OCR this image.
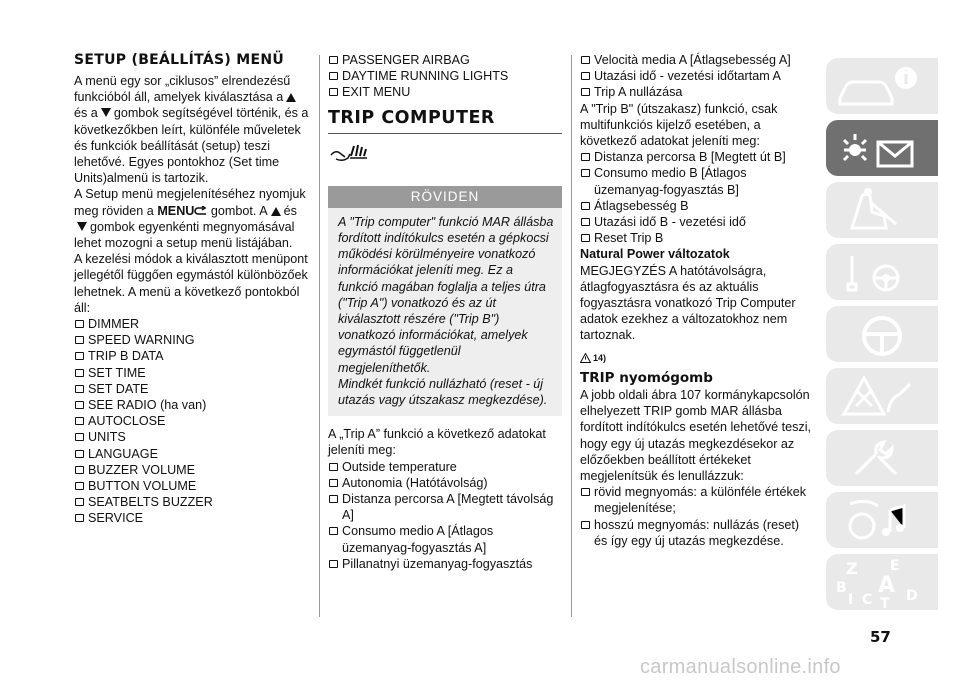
SETUP (BEÁLLÍTÁS) MENÜ

A menü egy sor „ciklusos” elrendezésű funkcióból áll, amelyek kiválasztása aés a gombok segítségével történik, és a következőkben leírt, különféle műveletek és funkciók beállítását (setup) teszi lehetővé. Egyes pontokhoz (Set time Units)almenü is tartozik.

A Setup menü megjelenítéséhez nyomjuk meg röviden a MENU gombot. A ésgombok egyenkénti megnyomásával lehet mozogni a setup menü listájában.

A kezelési módok a kiválasztott menüpont jellegétől függően egymástól különbözőek lehetnek. A menü a következő pontokból áll:

DIMMER
SPEED WARNING
TRIP B DATA
SET TIME
SET DATE
SEE RADIO (ha van)
AUTOCLOSE
UNITS
LANGUAGE
BUZZER VOLUME
BUTTON VOLUME
SEATBELTS BUZZER
SERVICE
PASSENGER AIRBAG
DAYTIME RUNNING LIGHTS
EXIT MENU
TRIP COMPUTER
RÖVIDEN

A "Trip computer" funkció MAR állásba fordított indítókulcs esetén a gépkocsi működési körülményeire vonatkozó információkat jeleníti meg. Ez a funkció magában foglalja a teljes útra ("Trip A") vonatkozó és az út kiválasztott részére ("Trip B") vonatkozó információkat, amelyek egymástól függetlenül megjeleníthetők.

Mindkét funkció nullázható (reset - új utazás vagy útszakasz megkezdése).

A „Trip A” funkció a következő adatokat jeleníti meg:

Outside temperature
Autonomia (Hatótávolság)
Distanza percorsa A [Megtett távolság A]
Consumo medio A [Átlagos üzemanyag-fogyasztás A]
Pillanatnyi üzemanyag-fogyasztás
Velocità media A [Átlagsebesség A]
Utazási idő - vezetési időtartam A
Trip A nullázása

A "Trip B" (útszakasz) funkció, csak multifunkciós kijelző esetében, a következő adatokat jeleníti meg:

Distanza percorsa B [Megtett út B]
Consumo medio B [Átlagos üzemanyag-fogyasztás B]
Átlagsebesség B
Utazási idő B - vezetési idő
Reset Trip B

Natural Power változatok

MEGJEGYZÉS A hatótávolságra, átlagfogyasztásra és az aktuális fogyasztásra vonatkozó Trip Computer adatok ezekhez a változatokhoz nem tartoznak.

14)
TRIP nyomógomb

A jobb oldali ábra 107 kormánykapcsolón elhelyezett TRIP gomb MAR állásba fordított indítókulcs esetén lehetővé teszi, hogy egy új utazás megkezdésekor az előzőekben beállított értékeket megjelenítsük és lenullázzuk:

rövid megnyomás: a különféle értékek megjelenítése;
hosszú megnyomás: nullázás (reset) és így egy új utazás megkezdése.
Z E
B A
I C T D
57
carmanualsonline.info
